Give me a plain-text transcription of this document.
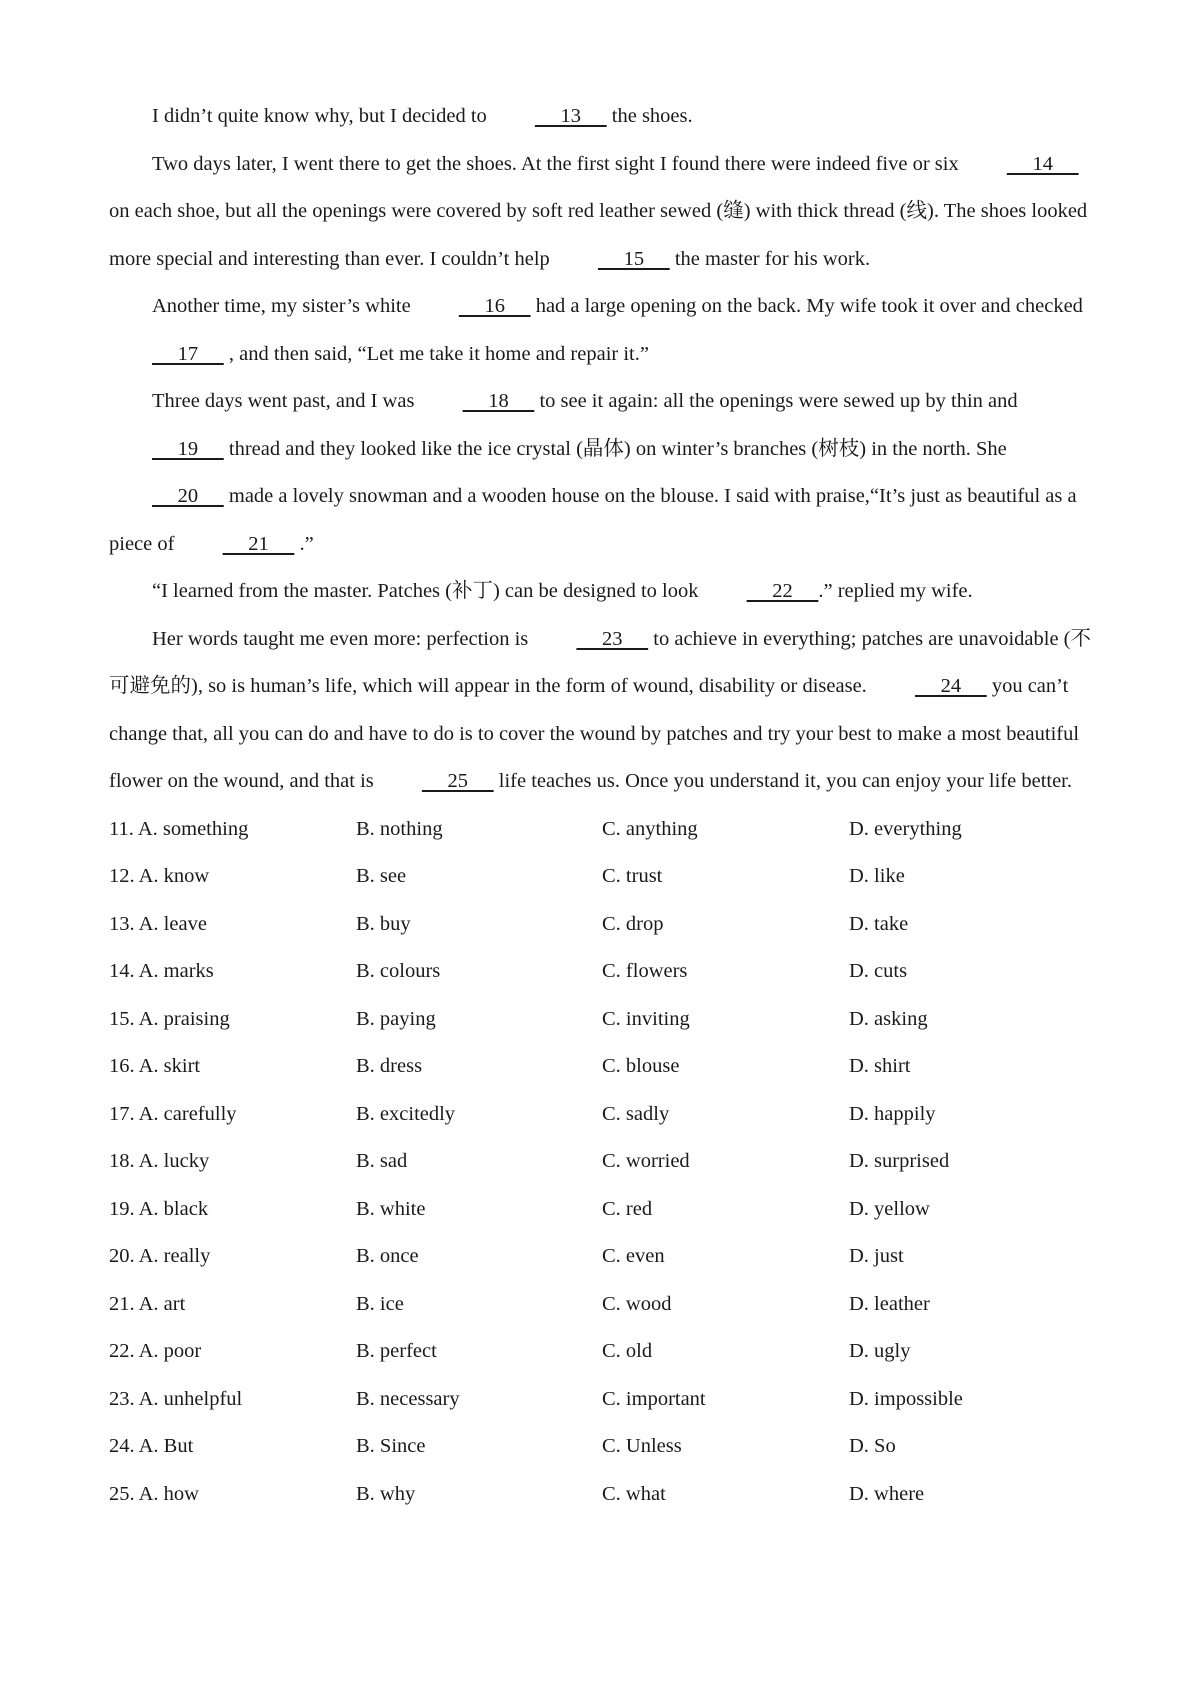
I didn’t quite know why, but I decided to      13      the shoes.

Two days later, I went there to get the shoes. At the first sight I found there were indeed five or six      14      on each shoe, but all the openings were covered by soft red leather sewed (缝) with thick thread (线). The shoes looked more special and interesting than ever. I couldn’t help      15      the master for his work.

Another time, my sister’s white      16      had a large opening on the back. My wife took it over and checked      17      , and then said, “Let me take it home and repair it.”

Three days went past, and I was      18      to see it again: all the openings were sewed up by thin and      19      thread and they looked like the ice crystal (晶体) on winter’s branches (树枝) in the north. She      20      made a lovely snowman and a wooden house on the blouse. I said with praise,“It’s just as beautiful as a piece of      21      .”

“I learned from the master. Patches (补丁) can be designed to look      22     .” replied my wife.

Her words taught me even more: perfection is      23      to achieve in everything; patches are unavoidable (不可避免的), so is human’s life, which will appear in the form of wound, disability or disease.      24      you can’t change that, all you can do and have to do is to cover the wound by patches and try your best to make a most beautiful flower on the wound, and that is      25      life teaches us. Once you understand it, you can enjoy your life better.

11. A. something	B. nothing	C. anything	D. everything
12. A. know	B. see	C. trust	D. like
13. A. leave	B. buy	C. drop	D. take
14. A. marks	B. colours	C. flowers	D. cuts
15. A. praising	B. paying	C. inviting	D. asking
16. A. skirt	B. dress	C. blouse	D. shirt
17. A. carefully	B. excitedly	C. sadly	D. happily
18. A. lucky	B. sad	C. worried	D. surprised
19. A. black	B. white	C. red	D. yellow
20. A. really	B. once	C. even	D. just
21. A. art	B. ice	C. wood	D. leather
22. A. poor	B. perfect	C. old	D. ugly
23. A. unhelpful	B. necessary	C. important	D. impossible
24. A. But	B. Since	C. Unless	D. So
25. A. how	B. why	C. what	D. where
